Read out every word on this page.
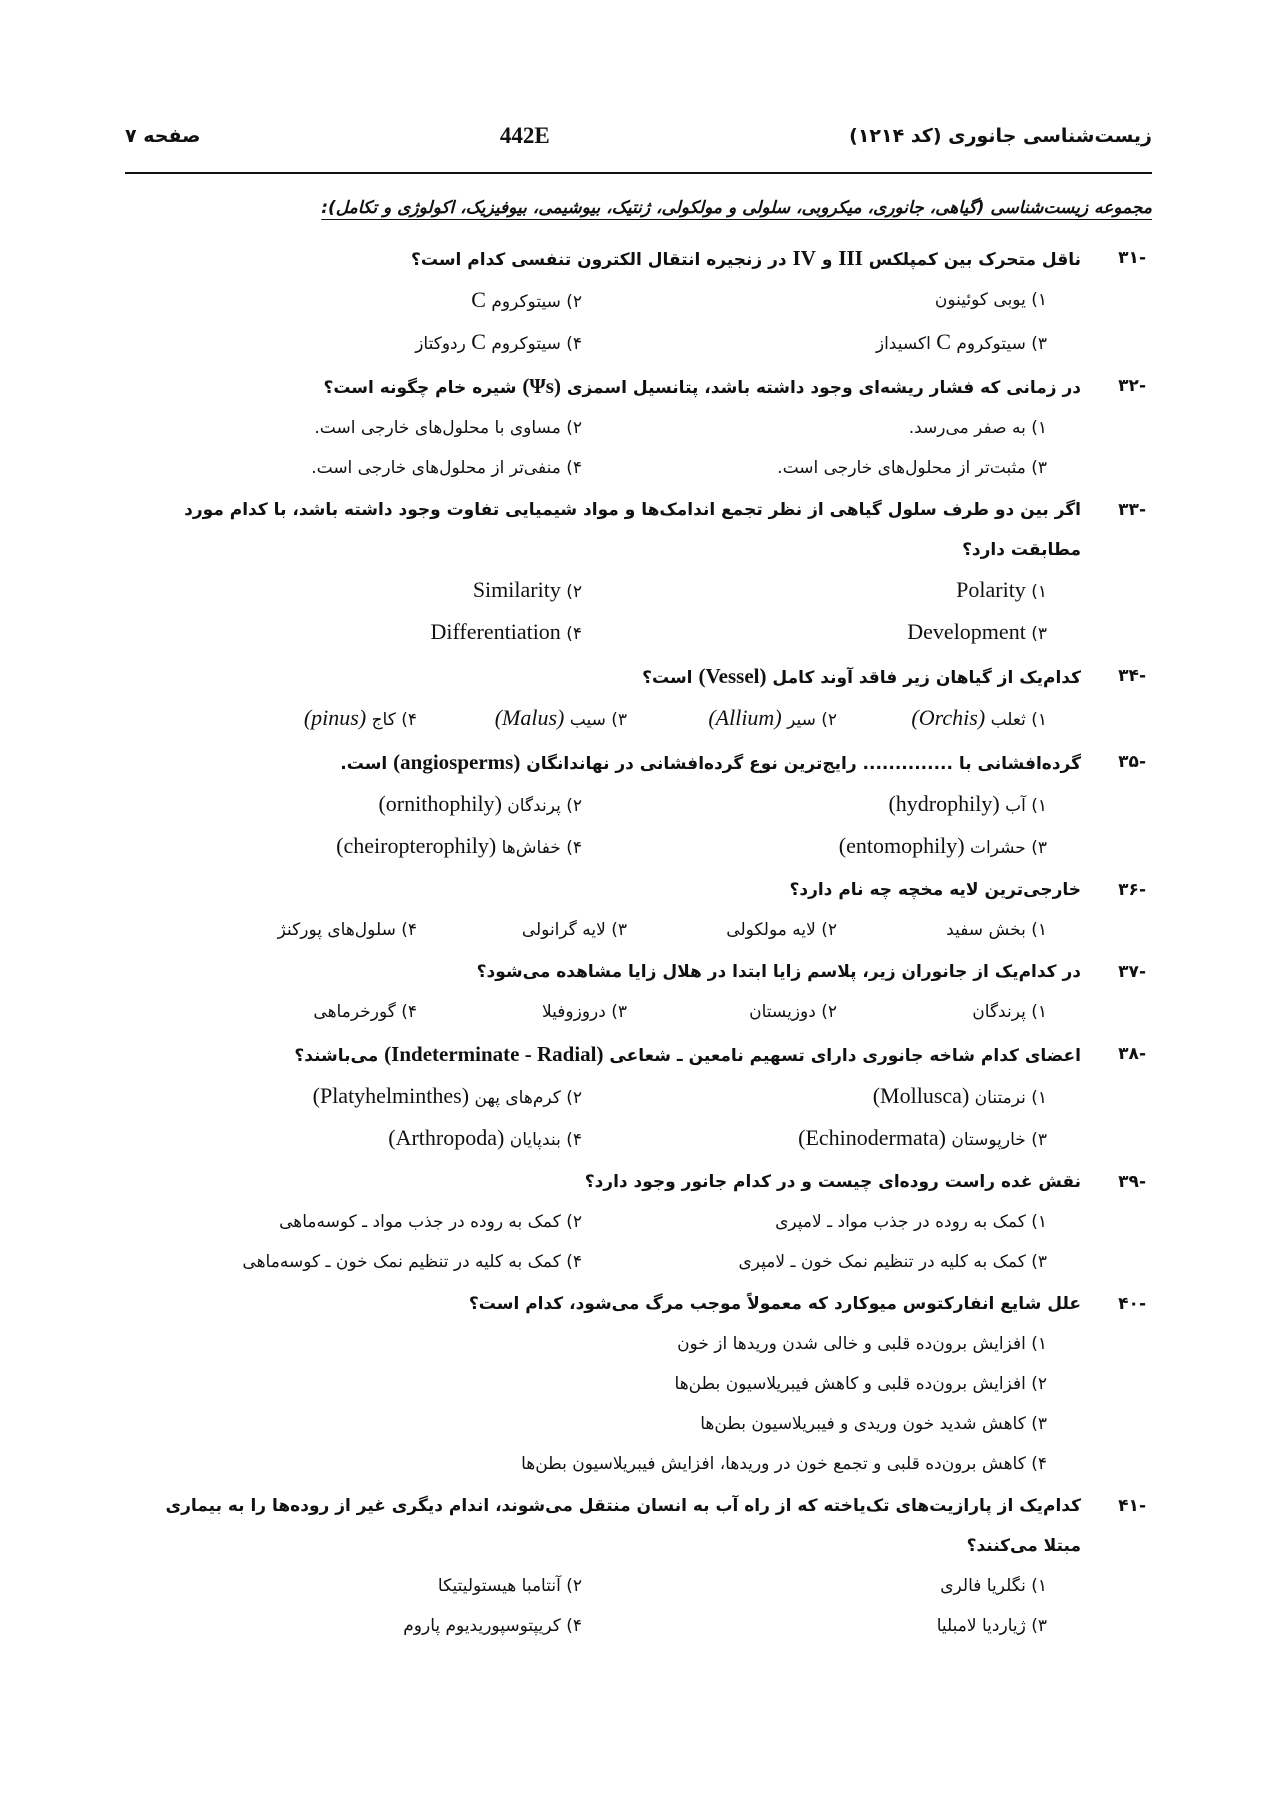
زیست‌شناسی جانوری (کد ۱۲۱۴)
442E
صفحه ۷
مجموعه زیست‌شناسی (گیاهی، جانوری، میکروبی، سلولی و مولکولی، ژنتیک، بیوشیمی، بیوفیزیک، اکولوژی و تکامل):
-۳۱
ناقل متحرک بین کمپلکس III و IV در زنجیره انتقال الکترون تنفسی کدام است؟
۱) یوبی کوئینون
۲) سیتوکروم C
۳) سیتوکروم C اکسیداز
۴) سیتوکروم C ردوکتاز
-۳۲
در زمانی که فشار ریشه‌ای وجود داشته باشد، پتانسیل اسمزی (Ψs) شیره خام چگونه است؟
۱) به صفر می‌رسد.
۲) مساوی با محلول‌های خارجی است.
۳) مثبت‌تر از محلول‌های خارجی است.
۴) منفی‌تر از محلول‌های خارجی است.
-۳۳
اگر بین دو طرف سلول گیاهی از نظر تجمع اندامک‌ها و مواد شیمیایی تفاوت وجود داشته باشد، با کدام مورد
مطابقت دارد؟
۱) Polarity
۲) Similarity
۳) Development
۴) Differentiation
-۳۴
کدام‌یک از گیاهان زیر فاقد آوند کامل (Vessel) است؟
۱) ثعلب (Orchis)
۲) سیر (Allium)
۳) سیب (Malus)
۴) کاج (pinus)
-۳۵
گرده‌افشانی با .............. رایج‌ترین نوع گرده‌افشانی در نهاندانگان (angiosperms) است.
۱) آب (hydrophily)
۲) پرندگان (ornithophily)
۳) حشرات (entomophily)
۴) خفاش‌ها (cheiropterophily)
-۳۶
خارجی‌ترین لایه مخچه چه نام دارد؟
۱) بخش سفید
۲) لایه مولکولی
۳) لایه گرانولی
۴) سلول‌های پورکنژ
-۳۷
در کدام‌یک از جانوران زیر، پلاسم زایا ابتدا در هلال زایا مشاهده می‌شود؟
۱) پرندگان
۲) دوزیستان
۳) دروزوفیلا
۴) گورخرماهی
-۳۸
اعضای کدام شاخه جانوری دارای تسهیم نامعین ـ شعاعی (Indeterminate - Radial) می‌باشند؟
۱) نرمتنان (Mollusca)
۲) کرم‌های پهن (Platyhelminthes)
۳) خارپوستان (Echinodermata)
۴) بندپایان (Arthropoda)
-۳۹
نقش غده راست روده‌ای چیست و در کدام جانور وجود دارد؟
۱) کمک به روده در جذب مواد ـ لامپری
۲) کمک به روده در جذب مواد ـ کوسه‌ماهی
۳) کمک به کلیه در تنظیم نمک خون ـ لامپری
۴) کمک به کلیه در تنظیم نمک خون ـ کوسه‌ماهی
-۴۰
علل شایع انفارکتوس میوکارد که معمولاً موجب مرگ می‌شود، کدام است؟
۱) افزایش برون‌ده قلبی و خالی شدن وریدها از خون
۲) افزایش برون‌ده قلبی و کاهش فیبریلاسیون بطن‌ها
۳) کاهش شدید خون وریدی و فیبریلاسیون بطن‌ها
۴) کاهش برون‌ده قلبی و تجمع خون در وریدها، افزایش فیبریلاسیون بطن‌ها
-۴۱
کدام‌یک از پارازیت‌های تک‌یاخته که از راه آب به انسان منتقل می‌شوند، اندام دیگری غیر از روده‌ها را به بیماری
مبتلا می‌کنند؟
۱) نگلریا فالری
۲) آنتامبا هیستولیتیکا
۳) ژیاردیا لامبلیا
۴) کریپتوسپوریدیوم پاروم
